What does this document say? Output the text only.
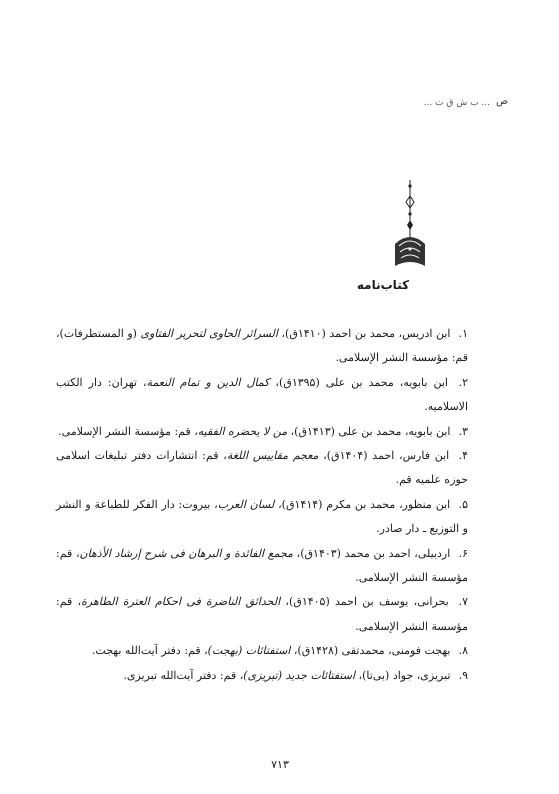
... ب ش ق ت ... ص
کتاب‌نامه
۱. ابن ادریس، محمد بن احمد (۱۴۱۰ق)، السرائر الحاوی لتحریر الفتاوی (و المستطرفات)، قم: مؤسسة النشر الإسلامی.
۲. ابن بابویه، محمد بن علی (۱۳۹۵ق)، کمال الدین و تمام النعمة، تهران: دار الکتب الاسلامیه.
۳. ابن بابویه، محمد بن علی (۱۴۱۳ق)، من لا یحضره الفقیه، قم: مؤسسة النشر الإسلامی.
۴. ابن فارس، احمد (۱۴۰۴ق)، معجم مقاییس اللغة، قم: انتشارات دفتر تبلیغات اسلامی حوزه علمیه قم.
۵. ابن منظور، محمد بن مکرم (۱۴۱۴ق)، لسان العرب، بیروت: دار الفکر للطباعة و النشر و التوزیع ـ دار صادر.
۶. اردبیلی، احمد بن محمد (۱۴۰۳ق)، مجمع الفائدة و البرهان فی شرح إرشاد الأذهان، قم: مؤسسة النشر الإسلامی.
۷. بحرانی، یوسف بن احمد (۱۴۰۵ق)، الحدائق الناضرة فی احکام العترة الطاهرة، قم: مؤسسة النشر الإسلامی.
۸. بهجت فومنی، محمدتقی (۱۴۲۸ق)، استفتائات (بهجت)، قم: دفتر آیت‌الله بهجت.
۹. تبریزی، جواد (بی‌تا)، استفتائات جدید (تبریزی)، قم: دفتر آیت‌الله تبریزی.
۷۱۳
